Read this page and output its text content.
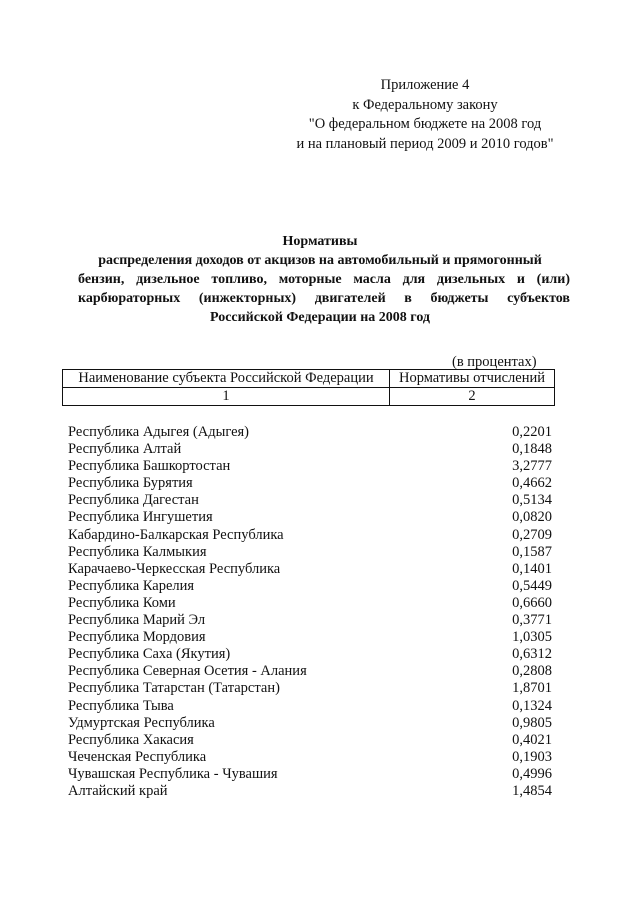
Приложение 4
к Федеральному закону
"О федеральном бюджете на 2008 год
и на плановый период 2009 и 2010 годов"
Нормативы
распределения доходов от акцизов на автомобильный и прямогонный
бензин, дизельное топливо, моторные масла для дизельных и (или)
карбюраторных (инжекторных) двигателей в бюджеты субъектов
Российской Федерации на 2008 год
(в процентах)
Наименование субъекта Российской Федерации	Нормативы отчислений
1	2
Республика Адыгея (Адыгея)	0,2201
Республика Алтай	0,1848
Республика Башкортостан	3,2777
Республика Бурятия	0,4662
Республика Дагестан	0,5134
Республика Ингушетия	0,0820
Кабардино-Балкарская Республика	0,2709
Республика Калмыкия	0,1587
Карачаево-Черкесская Республика	0,1401
Республика Карелия	0,5449
Республика Коми	0,6660
Республика Марий Эл	0,3771
Республика Мордовия	1,0305
Республика Саха (Якутия)	0,6312
Республика Северная Осетия - Алания	0,2808
Республика Татарстан (Татарстан)	1,8701
Республика Тыва	0,1324
Удмуртская Республика	0,9805
Республика Хакасия	0,4021
Чеченская Республика	0,1903
Чувашская Республика - Чувашия	0,4996
Алтайский край	1,4854
